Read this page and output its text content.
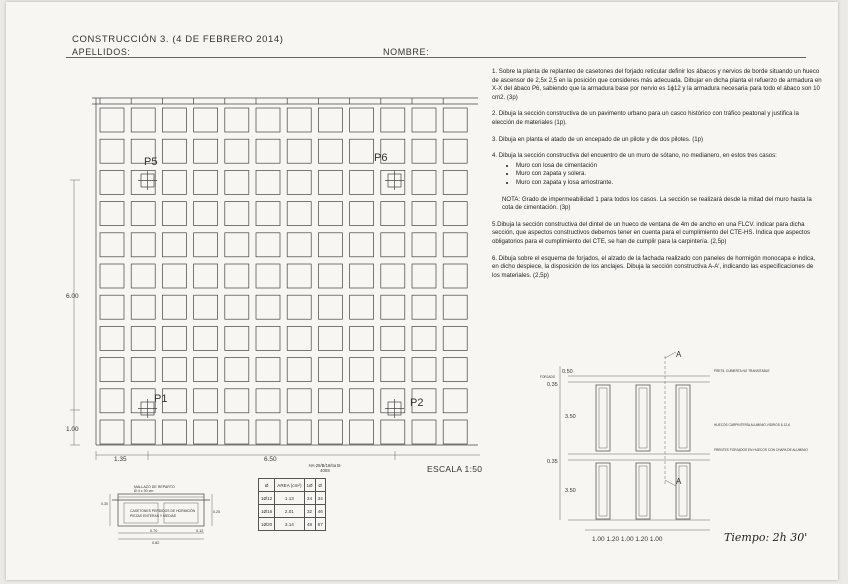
CONSTRUCCIÓN 3. (4 DE FEBRERO 2014)
APELLIDOS:	NOMBRE:
1. Sobre la planta de replanteo de casetones del forjado reticular definir los ábacos y nervios de borde situando un hueco de ascensor de 2,5x 2,5 en la posición que consideres más adecuada. Dibujar en dicha planta el refuerzo de armadura en X-X del ábaco P6, sabiendo que la armadura base por nervio es 1ϕ12 y la armadura necesaria para todo el ábaco son 10 cm2. (3p)
2. Dibuja la sección constructiva de un pavimento urbano para un casco histórico con tráfico peatonal y justifica la elección de materiales (1p).
3. Dibuja en planta el atado de un encepado de un pilote y de dos pilotes. (1p)
4. Dibuja la sección constructiva del encuentro de un muro de sótano, no medianero, en estos tres casos:
• Muro con losa de cimentación
• Muro con zapata y solera.
• Muro con zapata y losa arriostrante.
NOTA: Grado de impermeabilidad 1 para todos los casos. La sección se realizará desde la mitad del muro hasta la cota de cimentación. (3p)
5.Dibuja la sección constructiva del dintel de un hueco de ventana de 4m de ancho en una FLCV. indicar para dicha sección, que aspectos constructivos debemos tener en cuenta para el cumplimiento del CTE-HS. Indica que aspectos obligatorios para el cumplimiento del CTE, se han de cumplir para la carpintería. (2,5p)
6. Dibuja sobre el esquema de forjados, el alzado de la fachada realizado con paneles de hormigón monocapa e indica, en dicho despiece, la disposición de los anclajes. Dibuja la sección constructiva A-A', indicando las especificaciones de los materiales. (2,5p)
6.00
1.00
1.35	6.50
P5	P6
P1	P2
MALLAZO DE REPARTO
Ø 4 c 30 cm
CASETONES PERDIDOS DE HORMIGÓN
PIEZAS ENTERAS Y MEDIAS
0.30
0.25
0.70	0.12
0.82
A
A
0.50
0.35
3.50
0.35
3.50
FORJADO
PRETIL CUBIERTA NO TRANSITABLE
HUECOS CARPINTERÍA ALUMINIO VIDRIOS 6-12-6
FRENTES FORJADOS EN HUECOS CON CHAPA DE ALUMINIO
1.00 1.20 1.00 1.20 1.00
ESCALA 1:50
HA-25/B/16/IIa B-400S
Ø	AREA (cm²)	1Ø	Ø
1Ø12	1.13	24	34
1Ø16	2.01	32	46
1Ø20	3.14	48	67
Tiempo: 2h 30'
